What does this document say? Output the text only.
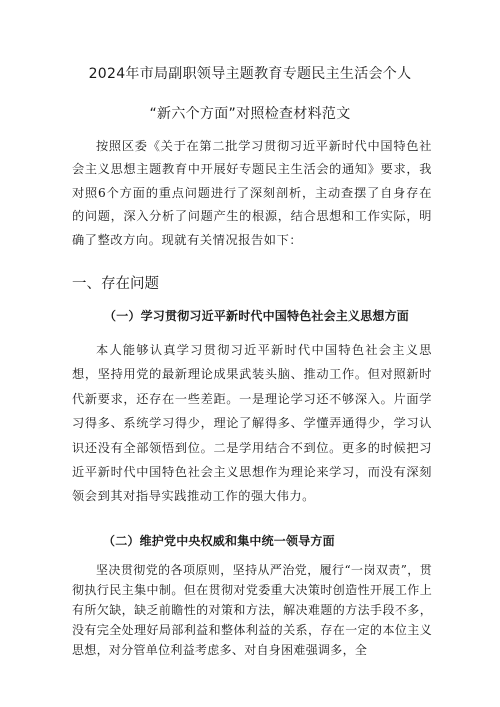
2024年市局副职领导主题教育专题民主生活会个人
“新六个方面”对照检查材料范文

按照区委《关于在第二批学习贯彻习近平新时代中国特色社会主义思想主题教育中开展好专题民主生活会的通知》要求，我对照6个方面的重点问题进行了深刻剖析，主动查摆了自身存在的问题，深入分析了问题产生的根源，结合思想和工作实际，明确了整改方向。现就有关情况报告如下：

一、存在问题
（一）学习贯彻习近平新时代中国特色社会主义思想方面

本人能够认真学习贯彻习近平新时代中国特色社会主义思想，坚持用党的最新理论成果武装头脑、推动工作。但对照新时代新要求，还存在一些差距。一是理论学习还不够深入。片面学习得多、系统学习得少，理论了解得多、学懂弄通得少，学习认识还没有全部领悟到位。二是学用结合不到位。更多的时候把习近平新时代中国特色社会主义思想作为理论来学习，而没有深刻领会到其对指导实践推动工作的强大伟力。

（二）维护党中央权威和集中统一领导方面

坚决贯彻党的各项原则，坚持从严治党，履行“一岗双责”，贯彻执行民主集中制。但在贯彻对党委重大决策时创造性开展工作上有所欠缺，缺乏前瞻性的对策和方法，解决难题的方法手段不多，没有完全处理好局部利益和整体利益的关系，存在一定的本位主义思想，对分管单位利益考虑多、对自身困难强调多，全
